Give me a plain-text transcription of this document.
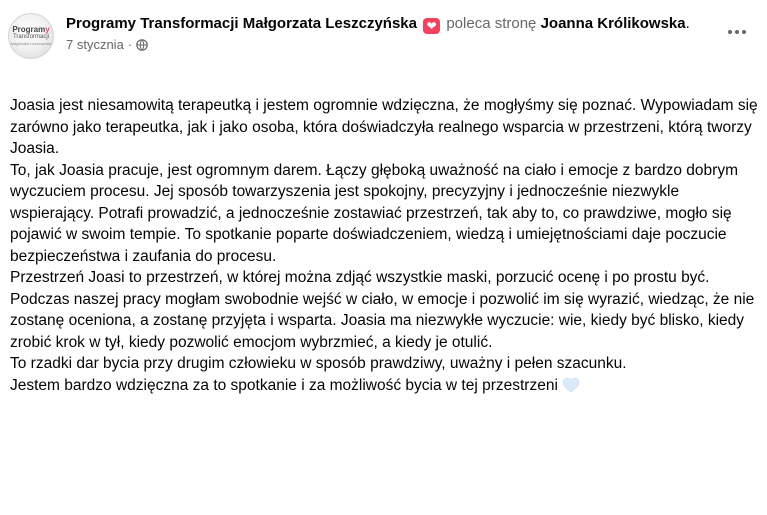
Programy
Transformacji
Małgorzata Leszczyńska
Programy Transformacji Małgorzata Leszczyńska ❤ poleca stronę Joanna Królikowska.
7 stycznia ·

Joasia jest niesamowitą terapeutką i jestem ogromnie wdzięczna, że mogłyśmy się poznać. Wypowiadam się zarówno jako terapeutka, jak i jako osoba, która doświadczyła realnego wsparcia w przestrzeni, którą tworzy Joasia.

To, jak Joasia pracuje, jest ogromnym darem. Łączy głęboką uważność na ciało i emocje z bardzo dobrym wyczuciem procesu. Jej sposób towarzyszenia jest spokojny, precyzyjny i jednocześnie niezwykle wspierający. Potrafi prowadzić, a jednocześnie zostawiać przestrzeń, tak aby to, co prawdziwe, mogło się pojawić w swoim tempie. To spotkanie poparte doświadczeniem, wiedzą i umiejętnościami daje poczucie bezpieczeństwa i zaufania do procesu.

Przestrzeń Joasi to przestrzeń, w której można zdjąć wszystkie maski, porzucić ocenę i po prostu być.

Podczas naszej pracy mogłam swobodnie wejść w ciało, w emocje i pozwolić im się wyrazić, wiedząc, że nie zostanę oceniona, a zostanę przyjęta i wsparta. Joasia ma niezwykłe wyczucie: wie, kiedy być blisko, kiedy zrobić krok w tył, kiedy pozwolić emocjom wybrzmieć, a kiedy je otulić.

To rzadki dar bycia przy drugim człowieku w sposób prawdziwy, uważny i pełen szacunku.

Jestem bardzo wdzięczna za to spotkanie i za możliwość bycia w tej przestrzeni
